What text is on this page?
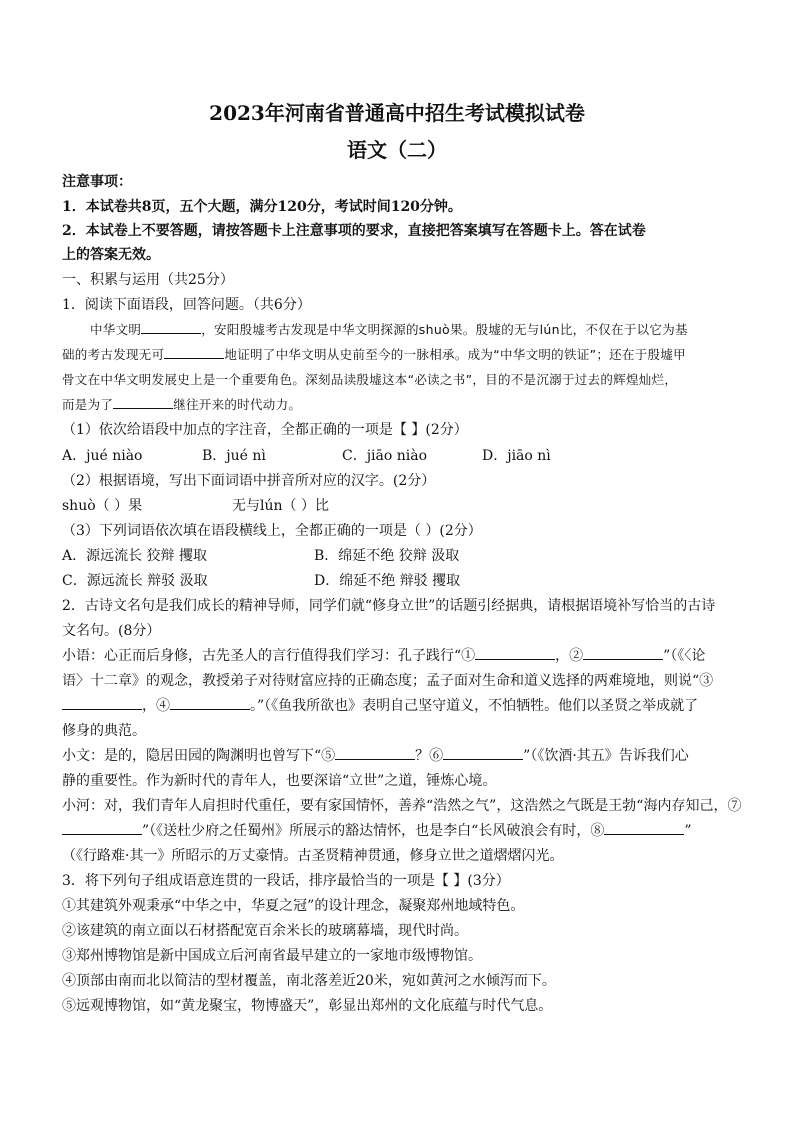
2023年河南省普通高中招生考试模拟试卷
语文（二）
注意事项：
1．本试卷共8页，五个大题，满分120分，考试时间120分钟。
2．本试卷上不要答题，请按答题卡上注意事项的要求，直接把答案填写在答题卡上。答在试卷
上的答案无效。
一、积累与运用（共25分）
1．阅读下面语段，回答问题。（共6分）
中华文明	，安阳殷墟考古发现是中华文明探源的shuò果。殷墟的无与lún比，不仅在于以它为基
础的考古发现无可	地证明了中华文明从史前至今的一脉相承。成为“中华文明的铁证”；还在于殷墟甲
骨文在中华文明发展史上是一个重要角色。深刻品读殷墟这本“必读之书”，目的不是沉溺于过去的辉煌灿烂，
而是为了	继往开来的时代动力。
（1）依次给语段中加点的字注音，全都正确的一项是【 】(2分）
A．jué niào	B．jué nì	C．jiāo niào	D．jiāo nì
（2）根据语境，写出下面词语中拼音所对应的汉字。(2分）
shuò（ ）果	无与lún（ ）比
（3）下列词语依次填在语段横线上，全都正确的一项是（ ）(2分）
A．源远流长 狡辩 攫取	B．绵延不绝 狡辩 汲取
C．源远流长 辩驳 汲取	D．绵延不绝 辩驳 攫取
2．古诗文名句是我们成长的精神导师，同学们就“修身立世”的话题引经据典，请根据语境补写恰当的古诗
文名句。(8分）
小语：心正而后身修，古先圣人的言行值得我们学习：孔子践行“①	，②	”（《〈论
语〉十二章》的观念，教授弟子对待财富应持的正确态度；孟子面对生命和道义选择的两难境地，则说“③
，④	。”（《鱼我所欲也》表明自己坚守道义，不怕牺牲。他们以圣贤之举成就了
修身的典范。
小文：是的，隐居田园的陶渊明也曾写下“⑤	？⑥	”（《饮酒·其五》告诉我们心
静的重要性。作为新时代的青年人，也要深谙“立世”之道，锤炼心境。
小河：对，我们青年人肩担时代重任，要有家国情怀，善养“浩然之气”，这浩然之气既是王勃“海内存知己，⑦
”（《送杜少府之任蜀州》所展示的豁达情怀，也是李白“长风破浪会有时，⑧	”
（《行路难·其一》所昭示的万丈豪情。古圣贤精神贯通，修身立世之道熠熠闪光。
3．将下列句子组成语意连贯的一段话，排序最恰当的一项是【 】(3分）
①其建筑外观秉承“中华之中，华夏之冠”的设计理念，凝聚郑州地域特色。
②该建筑的南立面以石材搭配宽百余米长的玻璃幕墙，现代时尚。
③郑州博物馆是新中国成立后河南省最早建立的一家地市级博物馆。
④顶部由南而北以简洁的型材覆盖，南北落差近20米，宛如黄河之水倾泻而下。
⑤远观博物馆，如“黄龙聚宝，物博盛天”，彰显出郑州的文化底蕴与时代气息。
